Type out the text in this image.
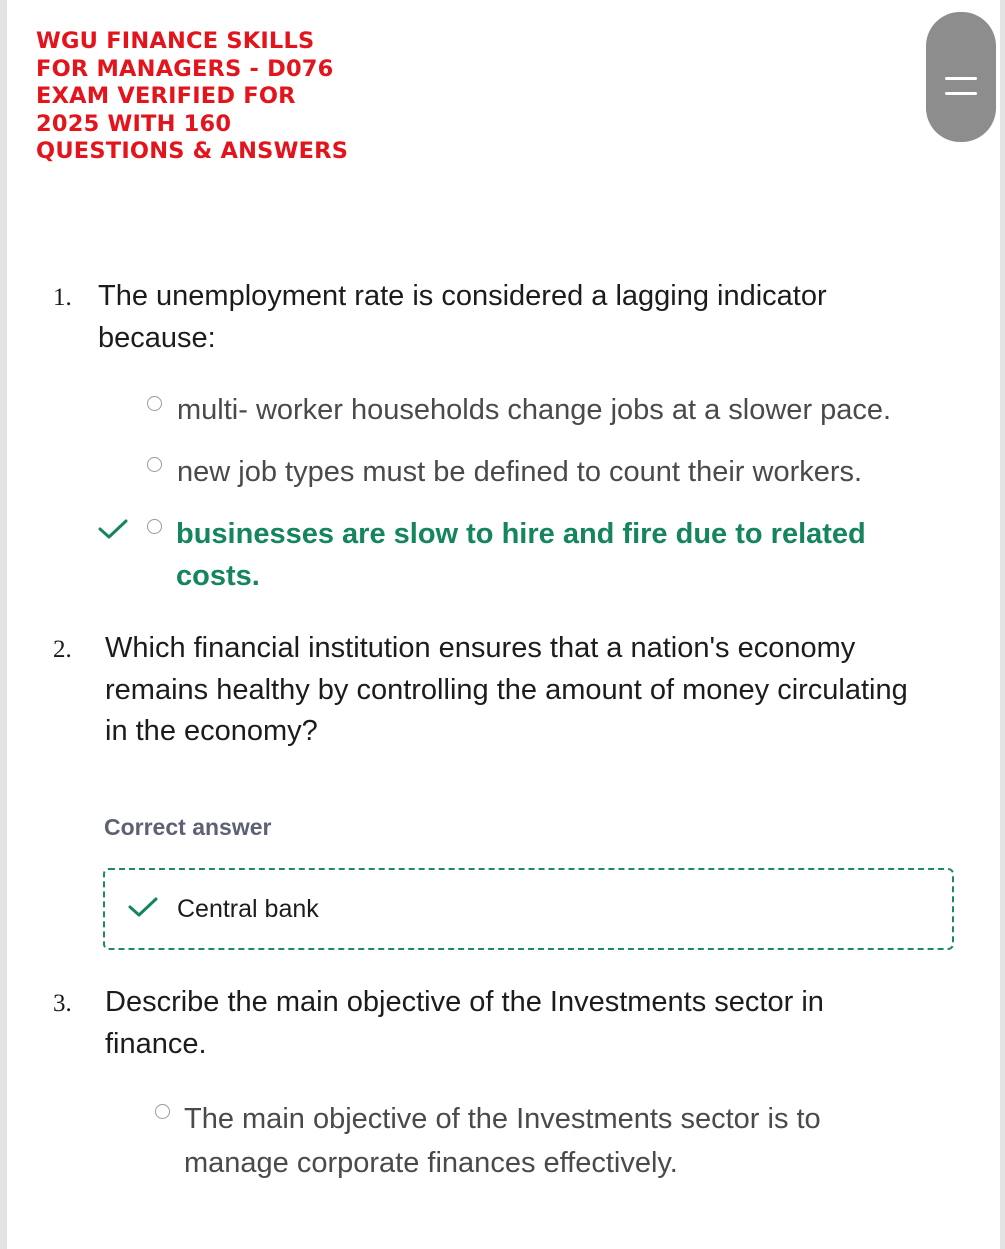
WGU FINANCE SKILLS FOR MANAGERS - D076 EXAM VERIFIED FOR 2025 WITH 160 QUESTIONS & ANSWERS
1. The unemployment rate is considered a lagging indicator because:

multi- worker households change jobs at a slower pace.
new job types must be defined to count their workers.
businesses are slow to hire and fire due to related costs.
2. Which financial institution ensures that a nation's economy remains healthy by controlling the amount of money circulating in the economy?

Correct answer
Central bank
3. Describe the main objective of the Investments sector in finance.

The main objective of the Investments sector is to manage corporate finances effectively.
